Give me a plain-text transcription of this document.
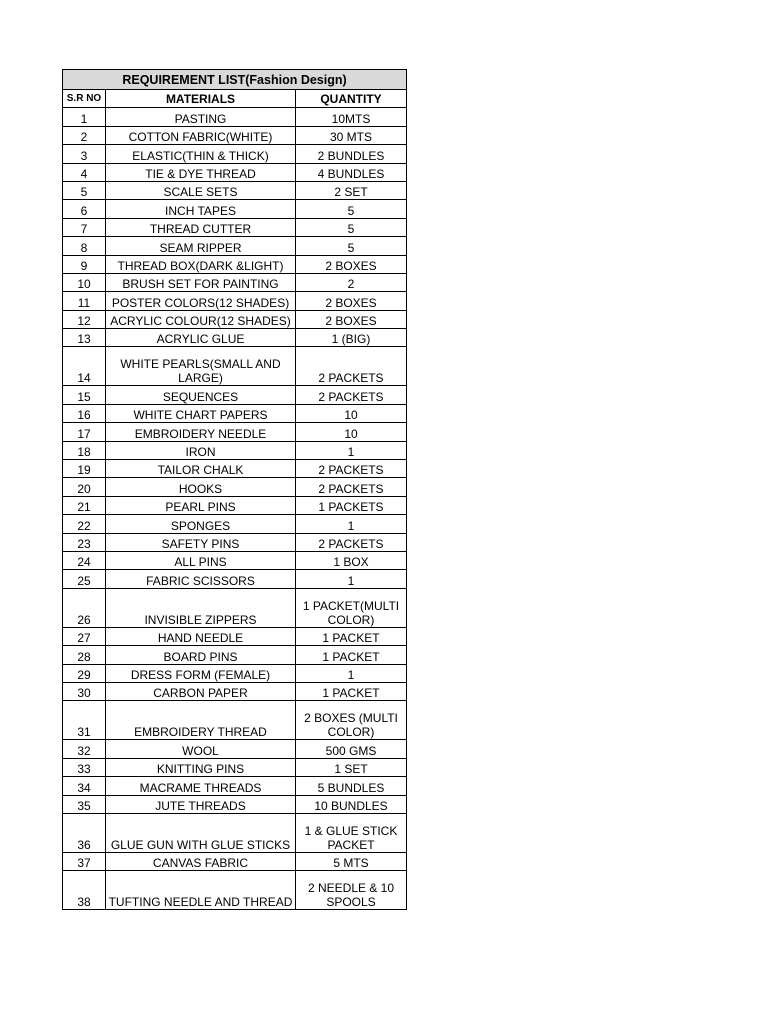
REQUIREMENT LIST(Fashion Design)		
S.R NO	MATERIALS	QUANTITY
1	PASTING	10MTS
2	COTTON FABRIC(WHITE)	30 MTS
3	ELASTIC(THIN & THICK)	2 BUNDLES
4	TIE & DYE THREAD	4 BUNDLES
5	SCALE SETS	2 SET
6	INCH TAPES	5
7	THREAD CUTTER	5
8	SEAM RIPPER	5
9	THREAD BOX(DARK &LIGHT)	2 BOXES
10	BRUSH SET FOR PAINTING	2
11	POSTER COLORS(12 SHADES)	2 BOXES
12	ACRYLIC COLOUR(12 SHADES)	2 BOXES
13	ACRYLIC GLUE	1 (BIG)
14	WHITE PEARLS(SMALL AND LARGE)	2 PACKETS
15	SEQUENCES	2 PACKETS
16	WHITE CHART PAPERS	10
17	EMBROIDERY NEEDLE	10
18	IRON	1
19	TAILOR CHALK	2 PACKETS
20	HOOKS	2 PACKETS
21	PEARL PINS	1 PACKETS
22	SPONGES	1
23	SAFETY PINS	2 PACKETS
24	ALL PINS	1 BOX
25	FABRIC SCISSORS	1
26	INVISIBLE ZIPPERS	1 PACKET(MULTI COLOR)
27	HAND NEEDLE	1 PACKET
28	BOARD PINS	1 PACKET
29	DRESS FORM (FEMALE)	1
30	CARBON PAPER	1 PACKET
31	EMBROIDERY THREAD	2 BOXES (MULTI COLOR)
32	WOOL	500 GMS
33	KNITTING PINS	1 SET
34	MACRAME THREADS	5 BUNDLES
35	JUTE THREADS	10 BUNDLES
36	GLUE GUN WITH GLUE STICKS	1 & GLUE STICK PACKET
37	CANVAS FABRIC	5 MTS
38	TUFTING NEEDLE AND THREAD	2 NEEDLE & 10 SPOOLS
